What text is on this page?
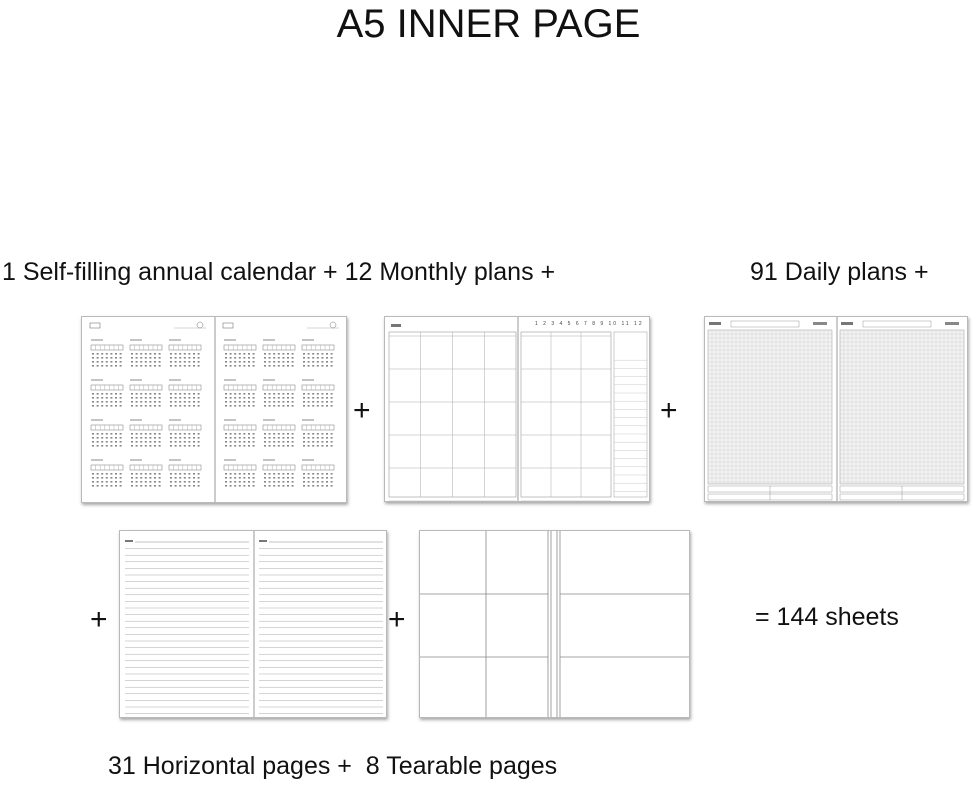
A5 INNER PAGE
1 Self-filling annual calendar + 12 Monthly plans +	91 Daily plans +
+
1 2 3 4 5 6 7 8 9 10 11 12
+
+	+	= 144 sheets
31 Horizontal pages +  8 Tearable pages
